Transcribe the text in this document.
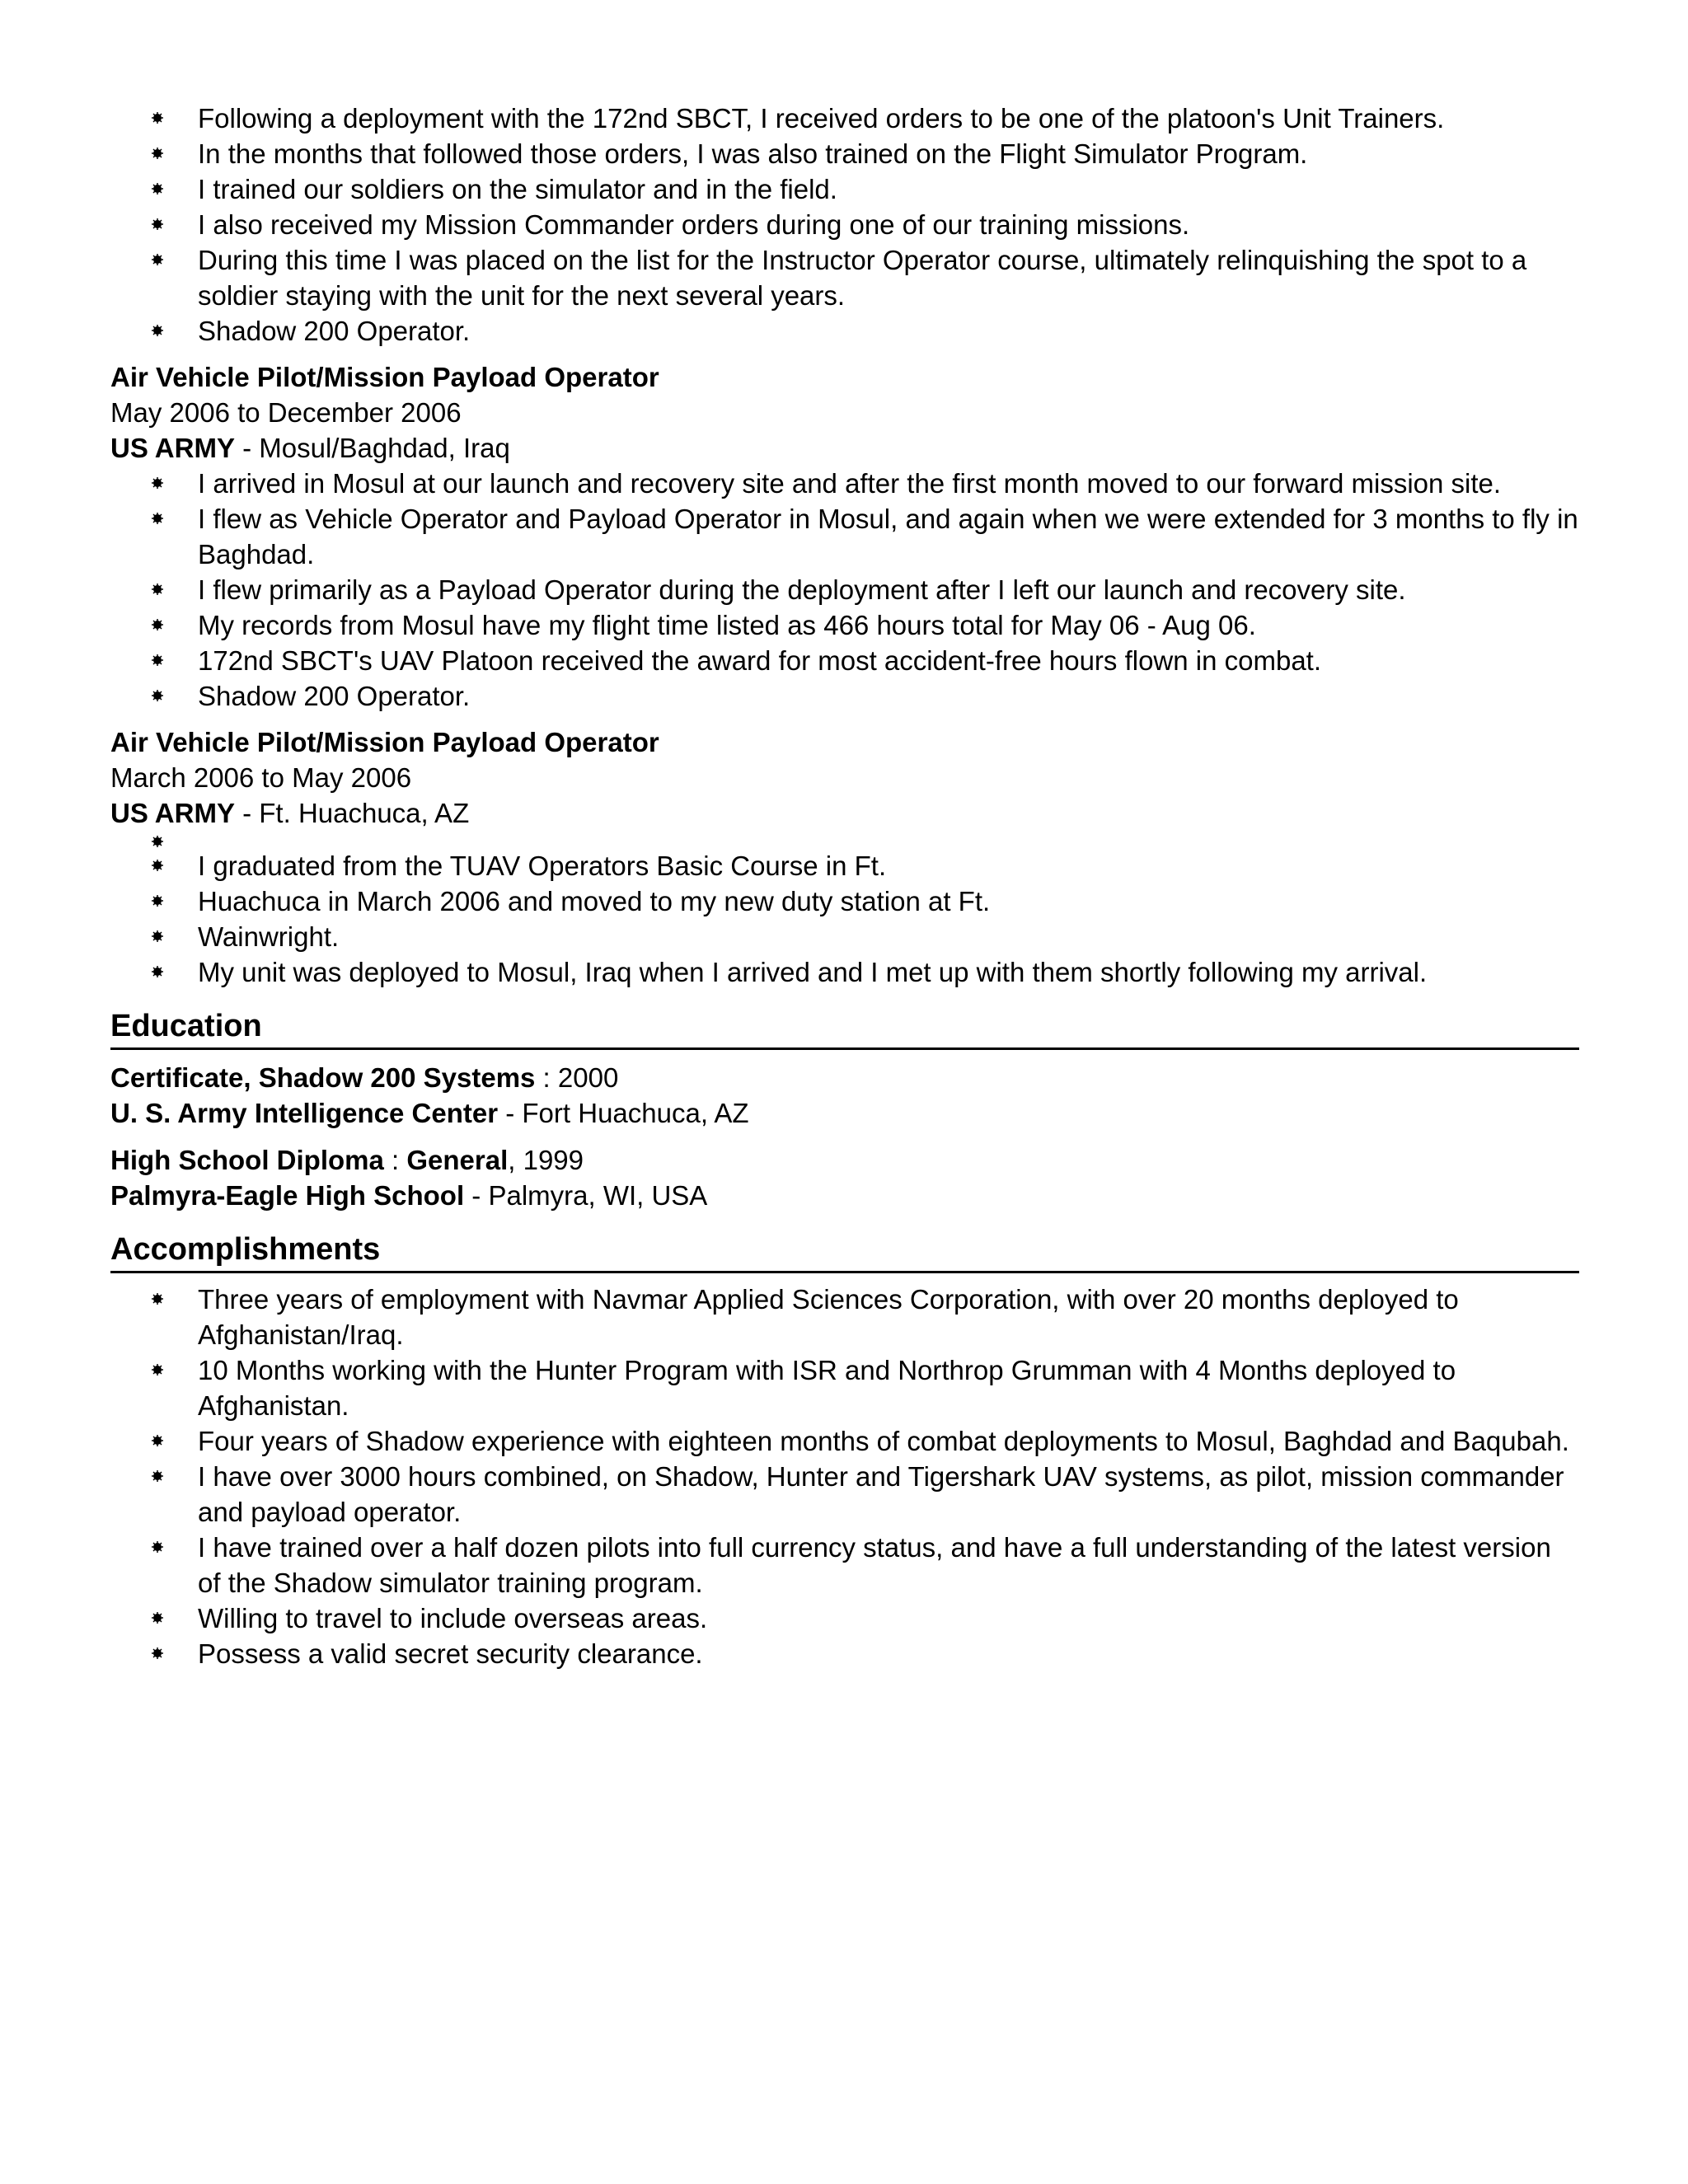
Following a deployment with the 172nd SBCT, I received orders to be one of the platoon's Unit Trainers.
In the months that followed those orders, I was also trained on the Flight Simulator Program.
I trained our soldiers on the simulator and in the field.
I also received my Mission Commander orders during one of our training missions.
During this time I was placed on the list for the Instructor Operator course, ultimately relinquishing the spot to a soldier staying with the unit for the next several years.
Shadow 200 Operator.

Air Vehicle Pilot/Mission Payload Operator

May 2006 to December 2006

US ARMY - Mosul/Baghdad, Iraq

I arrived in Mosul at our launch and recovery site and after the first month moved to our forward mission site.
I flew as Vehicle Operator and Payload Operator in Mosul, and again when we were extended for 3 months to fly in Baghdad.
I flew primarily as a Payload Operator during the deployment after I left our launch and recovery site.
My records from Mosul have my flight time listed as 466 hours total for May 06 - Aug 06.
172nd SBCT's UAV Platoon received the award for most accident-free hours flown in combat.
Shadow 200 Operator.

Air Vehicle Pilot/Mission Payload Operator

March 2006 to May 2006

US ARMY - Ft. Huachuca, AZ

I graduated from the TUAV Operators Basic Course in Ft.
Huachuca in March 2006 and moved to my new duty station at Ft.
Wainwright.
My unit was deployed to Mosul, Iraq when I arrived and I met up with them shortly following my arrival.
Education

Certificate, Shadow 200 Systems : 2000

U. S. Army Intelligence Center - Fort Huachuca, AZ

High School Diploma : General, 1999

Palmyra-Eagle High School - Palmyra, WI, USA

Accomplishments
Three years of employment with Navmar Applied Sciences Corporation, with over 20 months deployed to Afghanistan/Iraq.
10 Months working with the Hunter Program with ISR and Northrop Grumman with 4 Months deployed to Afghanistan.
Four years of Shadow experience with eighteen months of combat deployments to Mosul, Baghdad and Baqubah.
I have over 3000 hours combined, on Shadow, Hunter and Tigershark UAV systems, as pilot, mission commander and payload operator.
I have trained over a half dozen pilots into full currency status, and have a full understanding of the latest version of the Shadow simulator training program.
Willing to travel to include overseas areas.
Possess a valid secret security clearance.
